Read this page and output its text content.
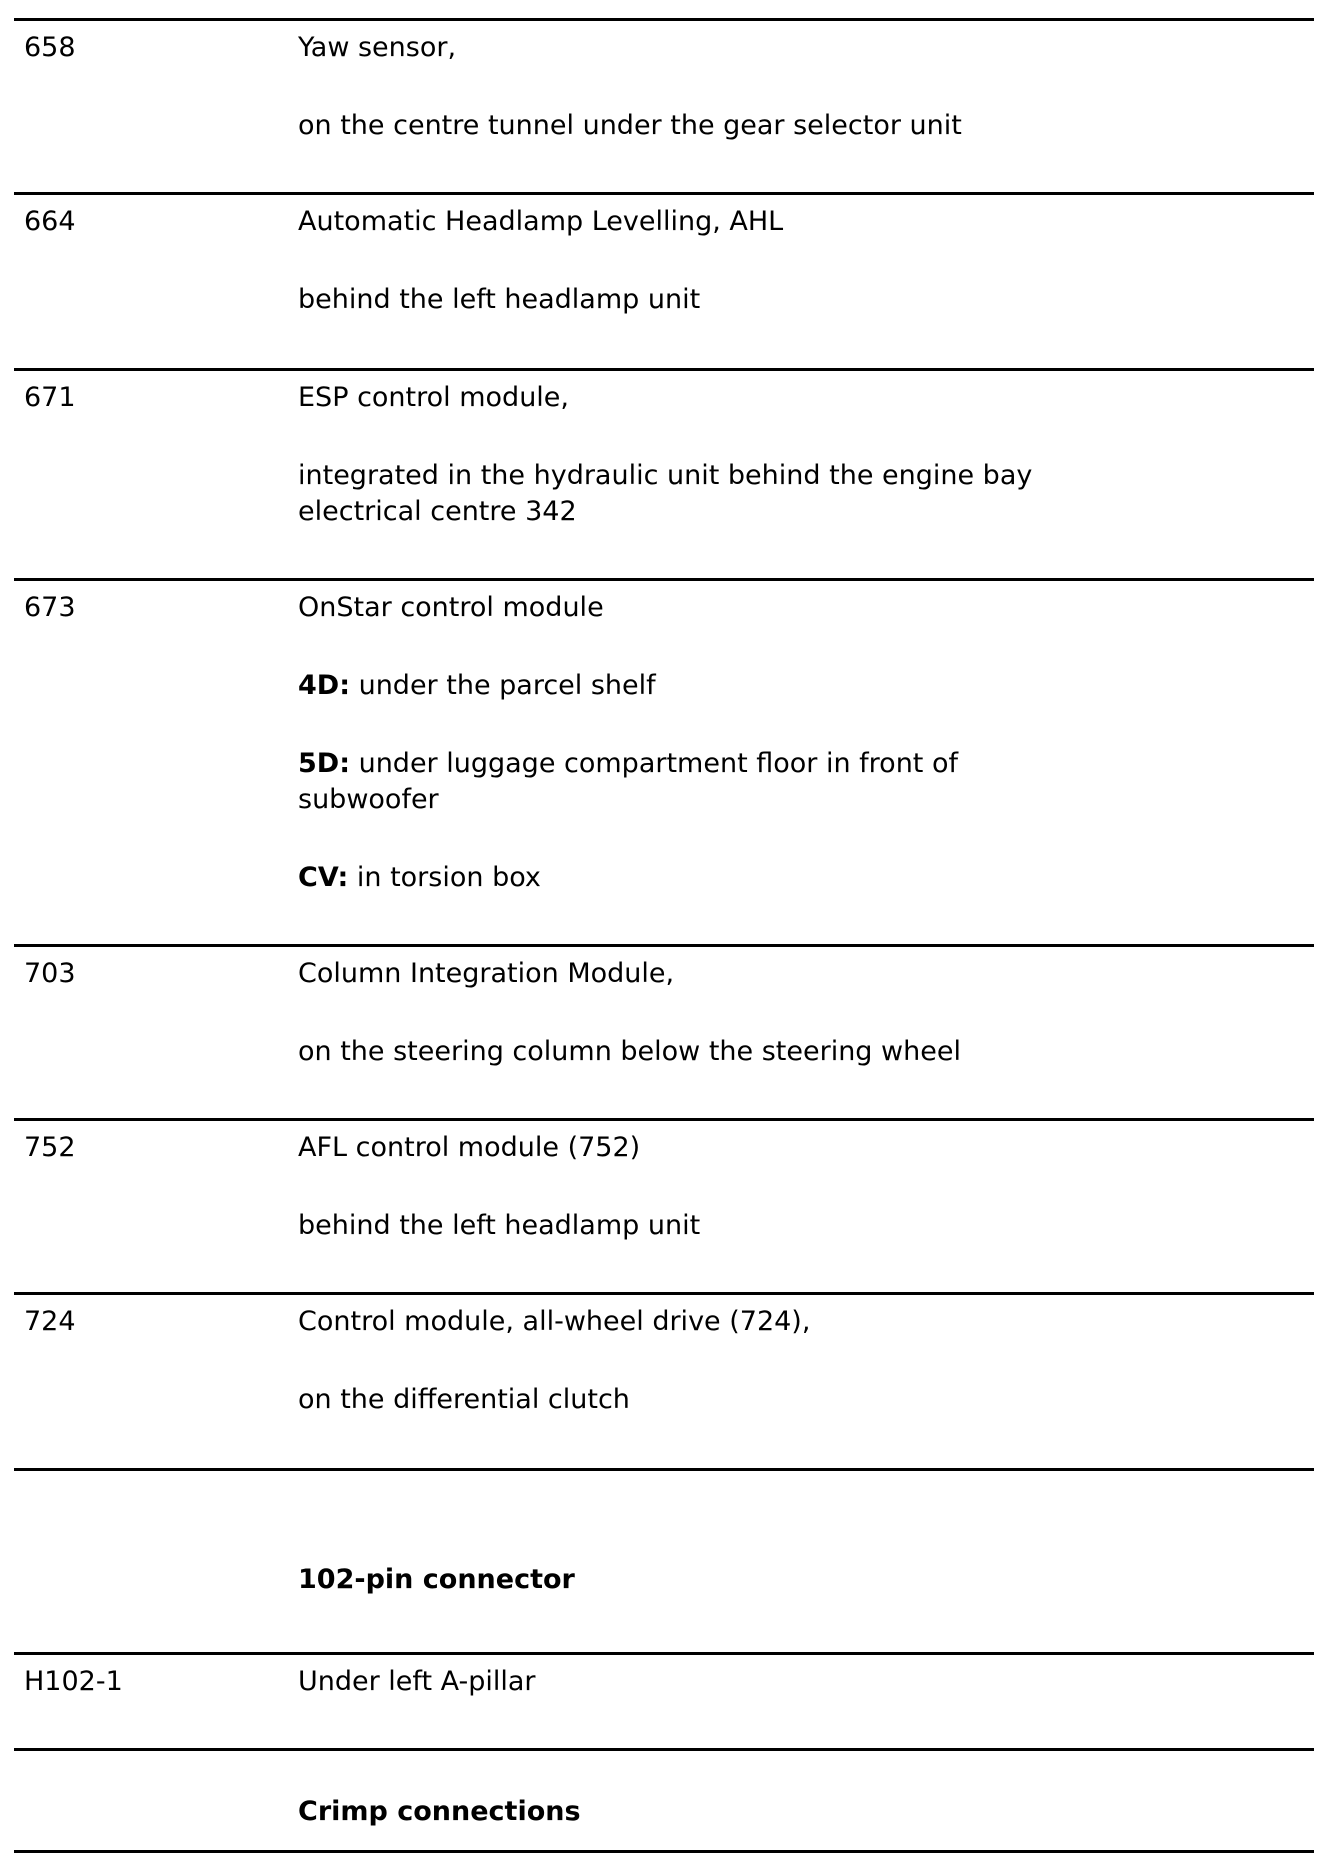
658	Yaw sensor,
on the centre tunnel under the gear selector unit
664	Automatic Headlamp Levelling, AHL
behind the left headlamp unit
671	ESP control module,
integrated in the hydraulic unit behind the engine bay
electrical centre 342
673	OnStar control module
4D: under the parcel shelf
5D: under luggage compartment floor in front of
subwoofer
CV: in torsion box
703	Column Integration Module,
on the steering column below the steering wheel
752	AFL control module (752)
behind the left headlamp unit
724	Control module, all-wheel drive (724),
on the differential clutch
102-pin connector
H102-1	Under left A-pillar
Crimp connections
